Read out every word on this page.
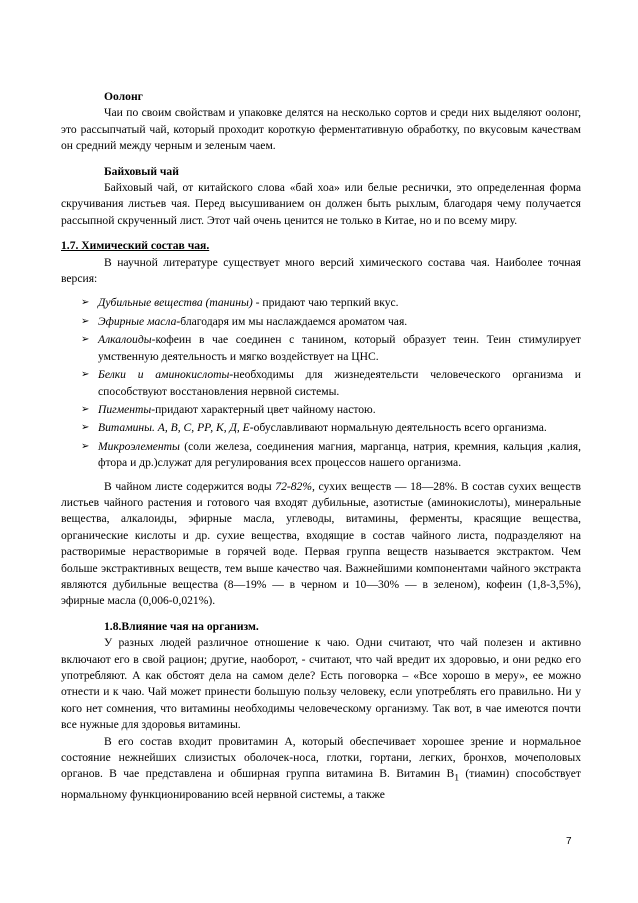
Оолонг

Чаи по своим свойствам и упаковке делятся на несколько сортов и среди них выделяют оолонг, это рассыпчатый чай, который проходит короткую ферментативную обработку, по вкусовым качествам он средний между черным и зеленым чаем.

Байховый чай

Байховый чай, от китайского слова «бай хоа» или белые реснички, это определенная форма скручивания листьев чая. Перед высушиванием он должен быть рыхлым, благодаря чему получается рассыпной скрученный лист. Этот чай очень ценится не только в Китае, но и по всему миру.

1.7. Химический состав чая.

В научной литературе существует много версий химического состава чая. Наиболее точная версия:

➢ Дубильные вещества (танины) - придают чаю терпкий вкус.
➢ Эфирные масла-благодаря им мы наслаждаемся ароматом чая.
➢ Алкалоиды-кофеин в чае соединен с танином, который образует теин. Теин стимулирует умственную деятельность и мягко воздействует на ЦНС.
➢ Белки и аминокислоты-необходимы для жизнедеятельсти человеческого организма и способствуют восстановления нервной системы.
➢ Пигменты-придают характерный цвет чайному настою.
➢ Витамины. А, В, С, РР, К, Д, Е-обуславливают нормальную деятельность всего организма.
➢ Микроэлементы (соли железа, соединения магния, марганца, натрия, кремния, кальция ,калия, фтора и др.)служат для регулирования всех процессов нашего организма.

В чайном листе содержится воды 72-82%, сухих веществ — 18—28%. В состав сухих веществ листьев чайного растения и готового чая входят дубильные, азотистые (аминокислоты), минеральные вещества, алкалоиды, эфирные масла, углеводы, витамины, ферменты, красящие вещества, органические кислоты и др. сухие вещества, входящие в состав чайного листа, подразделяют на растворимые нерастворимые в горячей воде. Первая группа веществ называется экстрактом. Чем больше экстрактивных веществ, тем выше качество чая. Важнейшими компонентами чайного экстракта являются дубильные вещества (8—19% — в черном и 10—30% — в зеленом), кофеин (1,8-3,5%), эфирные масла (0,006-0,021%).

1.8.Влияние чая на организм.

У разных людей различное отношение к чаю. Одни считают, что чай полезен и активно включают его в свой рацион; другие, наоборот, - считают, что чай вредит их здоровью, и они редко его употребляют. А как обстоят дела на самом деле? Есть поговорка – «Все хорошо в меру», ее можно отнести и к чаю. Чай может принести большую пользу человеку, если употреблять его правильно. Ни у кого нет сомнения, что витамины необходимы человеческому организму. Так вот, в чае имеются почти все нужные для здоровья витамины.

В его состав входит провитамин А, который обеспечивает хорошее зрение и нормальное состояние нежнейших слизистых оболочек-носа, глотки, гортани, легких, бронхов, мочеполовых органов. В чае представлена и обширная группа витамина В. Витамин $В_1$ (тиамин) способствует нормальному функционированию всей нервной системы, а также

7
